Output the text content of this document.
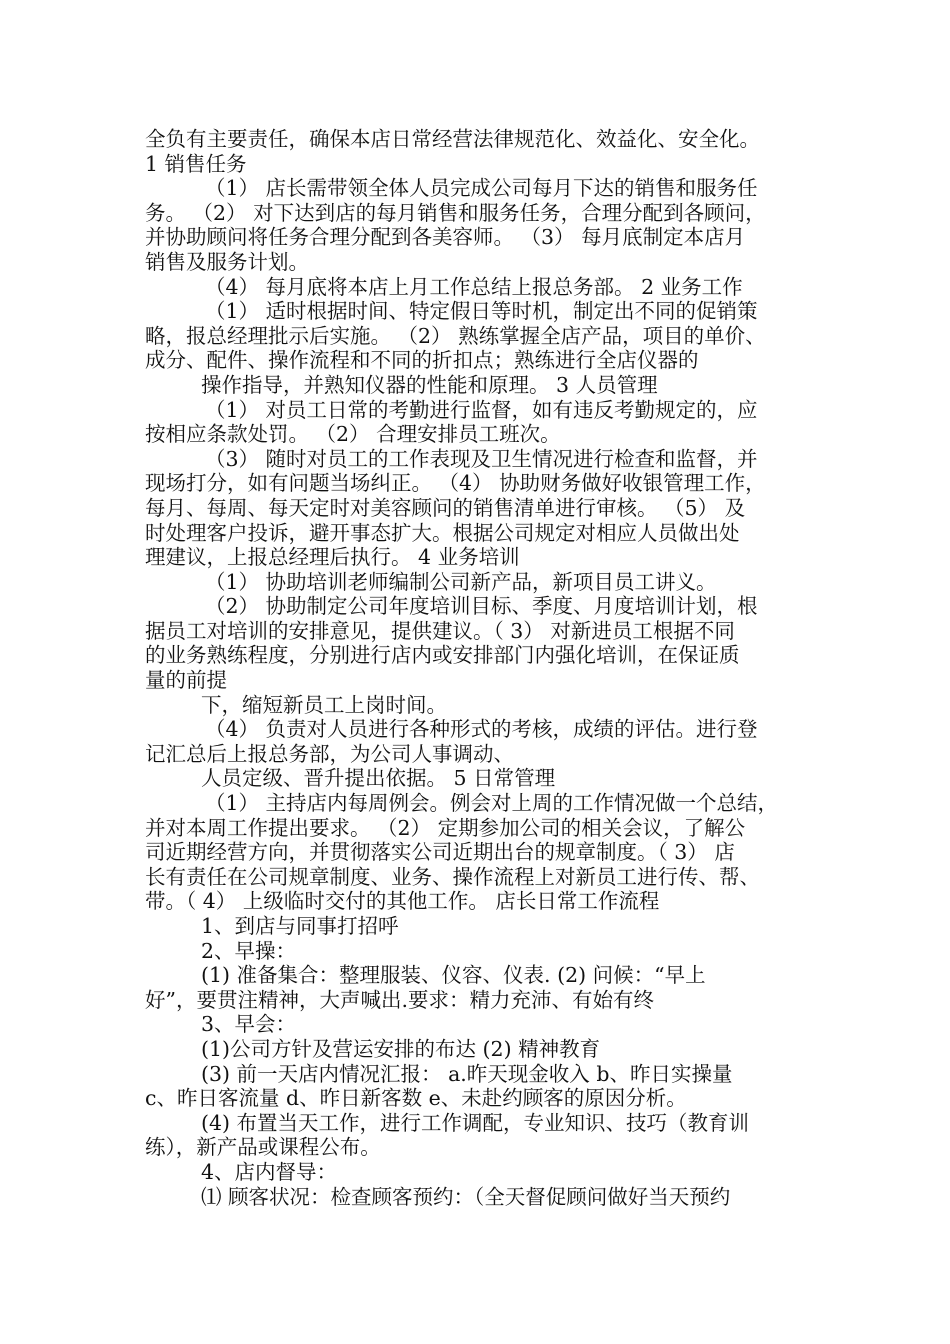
全负有主要责任，确保本店日常经营法律规范化、效益化、安全化。
1 销售任务
（1） 店长需带领全体人员完成公司每月下达的销售和服务任
务。 （2） 对下达到店的每月销售和服务任务，合理分配到各顾问，
并协助顾问将任务合理分配到各美容师。 （3） 每月底制定本店月
销售及服务计划。
（4） 每月底将本店上月工作总结上报总务部。 2 业务工作
（1） 适时根据时间、特定假日等时机，制定出不同的促销策
略，报总经理批示后实施。 （2） 熟练掌握全店产品，项目的单价、
成分、配件、操作流程和不同的折扣点；熟练进行全店仪器的
操作指导，并熟知仪器的性能和原理。 3 人员管理
（1） 对员工日常的考勤进行监督，如有违反考勤规定的，应
按相应条款处罚。 （2） 合理安排员工班次。
（3） 随时对员工的工作表现及卫生情况进行检查和监督，并
现场打分，如有问题当场纠正。 （4） 协助财务做好收银管理工作，
每月、每周、每天定时对美容顾问的销售清单进行审核。 （5） 及
时处理客户投诉，避开事态扩大。根据公司规定对相应人员做出处
理建议，上报总经理后执行。 4 业务培训
（1） 协助培训老师编制公司新产品，新项目员工讲义。
（2） 协助制定公司年度培训目标、季度、月度培训计划，根
据员工对培训的安排意见，提供建议。（ 3） 对新进员工根据不同
的业务熟练程度，分别进行店内或安排部门内强化培训，在保证质
量的前提
下，缩短新员工上岗时间。
（4） 负责对人员进行各种形式的考核，成绩的评估。进行登
记汇总后上报总务部，为公司人事调动、
人员定级、晋升提出依据。 5 日常管理
（1） 主持店内每周例会。例会对上周的工作情况做一个总结，
并对本周工作提出要求。 （2） 定期参加公司的相关会议，了解公
司近期经营方向，并贯彻落实公司近期出台的规章制度。（ 3） 店
长有责任在公司规章制度、业务、操作流程上对新员工进行传、帮、
带。（ 4） 上级临时交付的其他工作。 店长日常工作流程
1、到店与同事打招呼
2、早操：
(1) 准备集合：整理服装、仪容、仪表. (2) 问候：“早上
好”，要贯注精神，大声喊出.要求：精力充沛、有始有终
3、早会：
(1)公司方针及营运安排的布达 (2) 精神教育
(3) 前一天店内情况汇报： a.昨天现金收入 b、昨日实操量
c、昨日客流量 d、昨日新客数 e、未赴约顾客的原因分析。
(4) 布置当天工作，进行工作调配，专业知识、技巧（教育训
练），新产品或课程公布。
4、店内督导：
⑴ 顾客状况：检查顾客预约：（全天督促顾问做好当天预约
